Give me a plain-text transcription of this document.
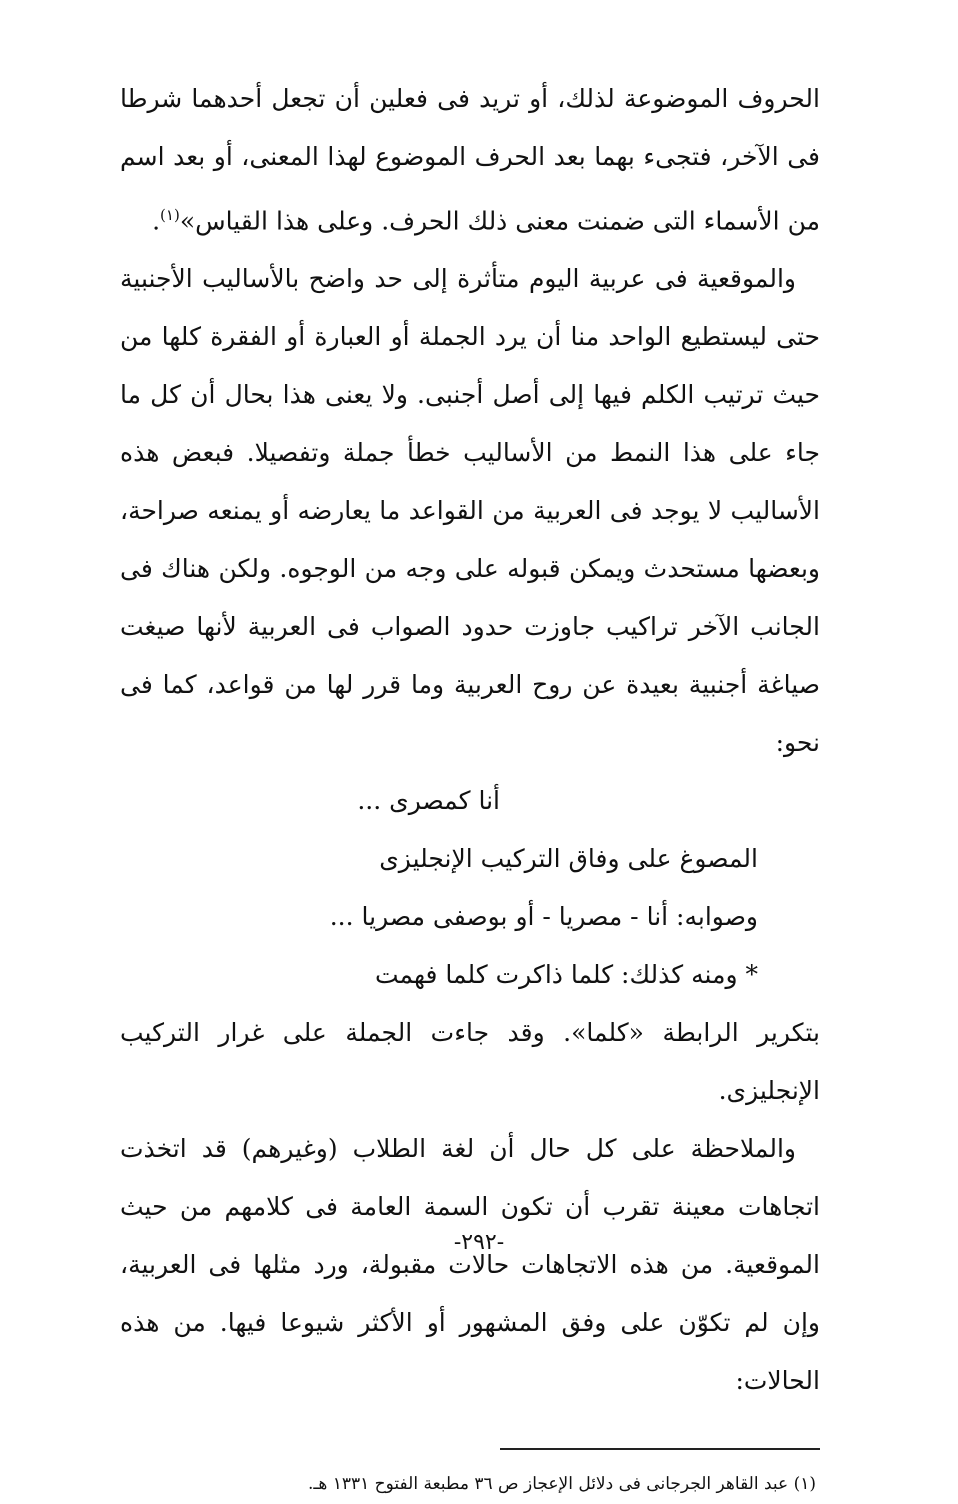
الحروف الموضوعة لذلك، أو تريد فى فعلين أن تجعل أحدهما شرطا فى الآخر، فتجىء بهما بعد الحرف الموضوع لهذا المعنى، أو بعد اسم من الأسماء التى ضمنت معنى ذلك الحرف. وعلى هذا القياس»$^{(١)}$.

والموقعية فى عربية اليوم متأثرة إلى حد واضح بالأساليب الأجنبية حتى ليستطيع الواحد منا أن يرد الجملة أو العبارة أو الفقرة كلها من حيث ترتيب الكلم فيها إلى أصل أجنبى. ولا يعنى هذا بحال أن كل ما جاء على هذا النمط من الأساليب خطأ جملة وتفصيلا. فبعض هذه الأساليب لا يوجد فى العربية من القواعد ما يعارضه أو يمنعه صراحة، وبعضها مستحدث ويمكن قبوله على وجه من الوجوه. ولكن هناك فى الجانب الآخر تراكيب جاوزت حدود الصواب فى العربية لأنها صيغت صياغة أجنبية بعيدة عن روح العربية وما قرر لها من قواعد، كما فى نحو:

أنا كمصرى ...

المصوغ على وفاق التركيب الإنجليزى

وصوابه: أنا - مصريا - أو بوصفى مصريا ...

* ومنه كذلك: كلما ذاكرت كلما فهمت

بتكرير الرابطة «كلما». وقد جاءت الجملة على غرار التركيب الإنجليزى.

والملاحظة على كل حال أن لغة الطلاب (وغيرهم) قد اتخذت اتجاهات معينة تقرب أن تكون السمة العامة فى كلامهم من حيث الموقعية. من هذه الاتجاهات حالات مقبولة، ورد مثلها فى العربية، وإن لم تكوّن على وفق المشهور أو الأكثر شيوعا فيها. من هذه الحالات:

(١) عبد القاهر الجرجانى فى دلائل الإعجاز ص ٣٦ مطبعة الفتوح ١٣٣١ هـ.

-٢٩٢-
